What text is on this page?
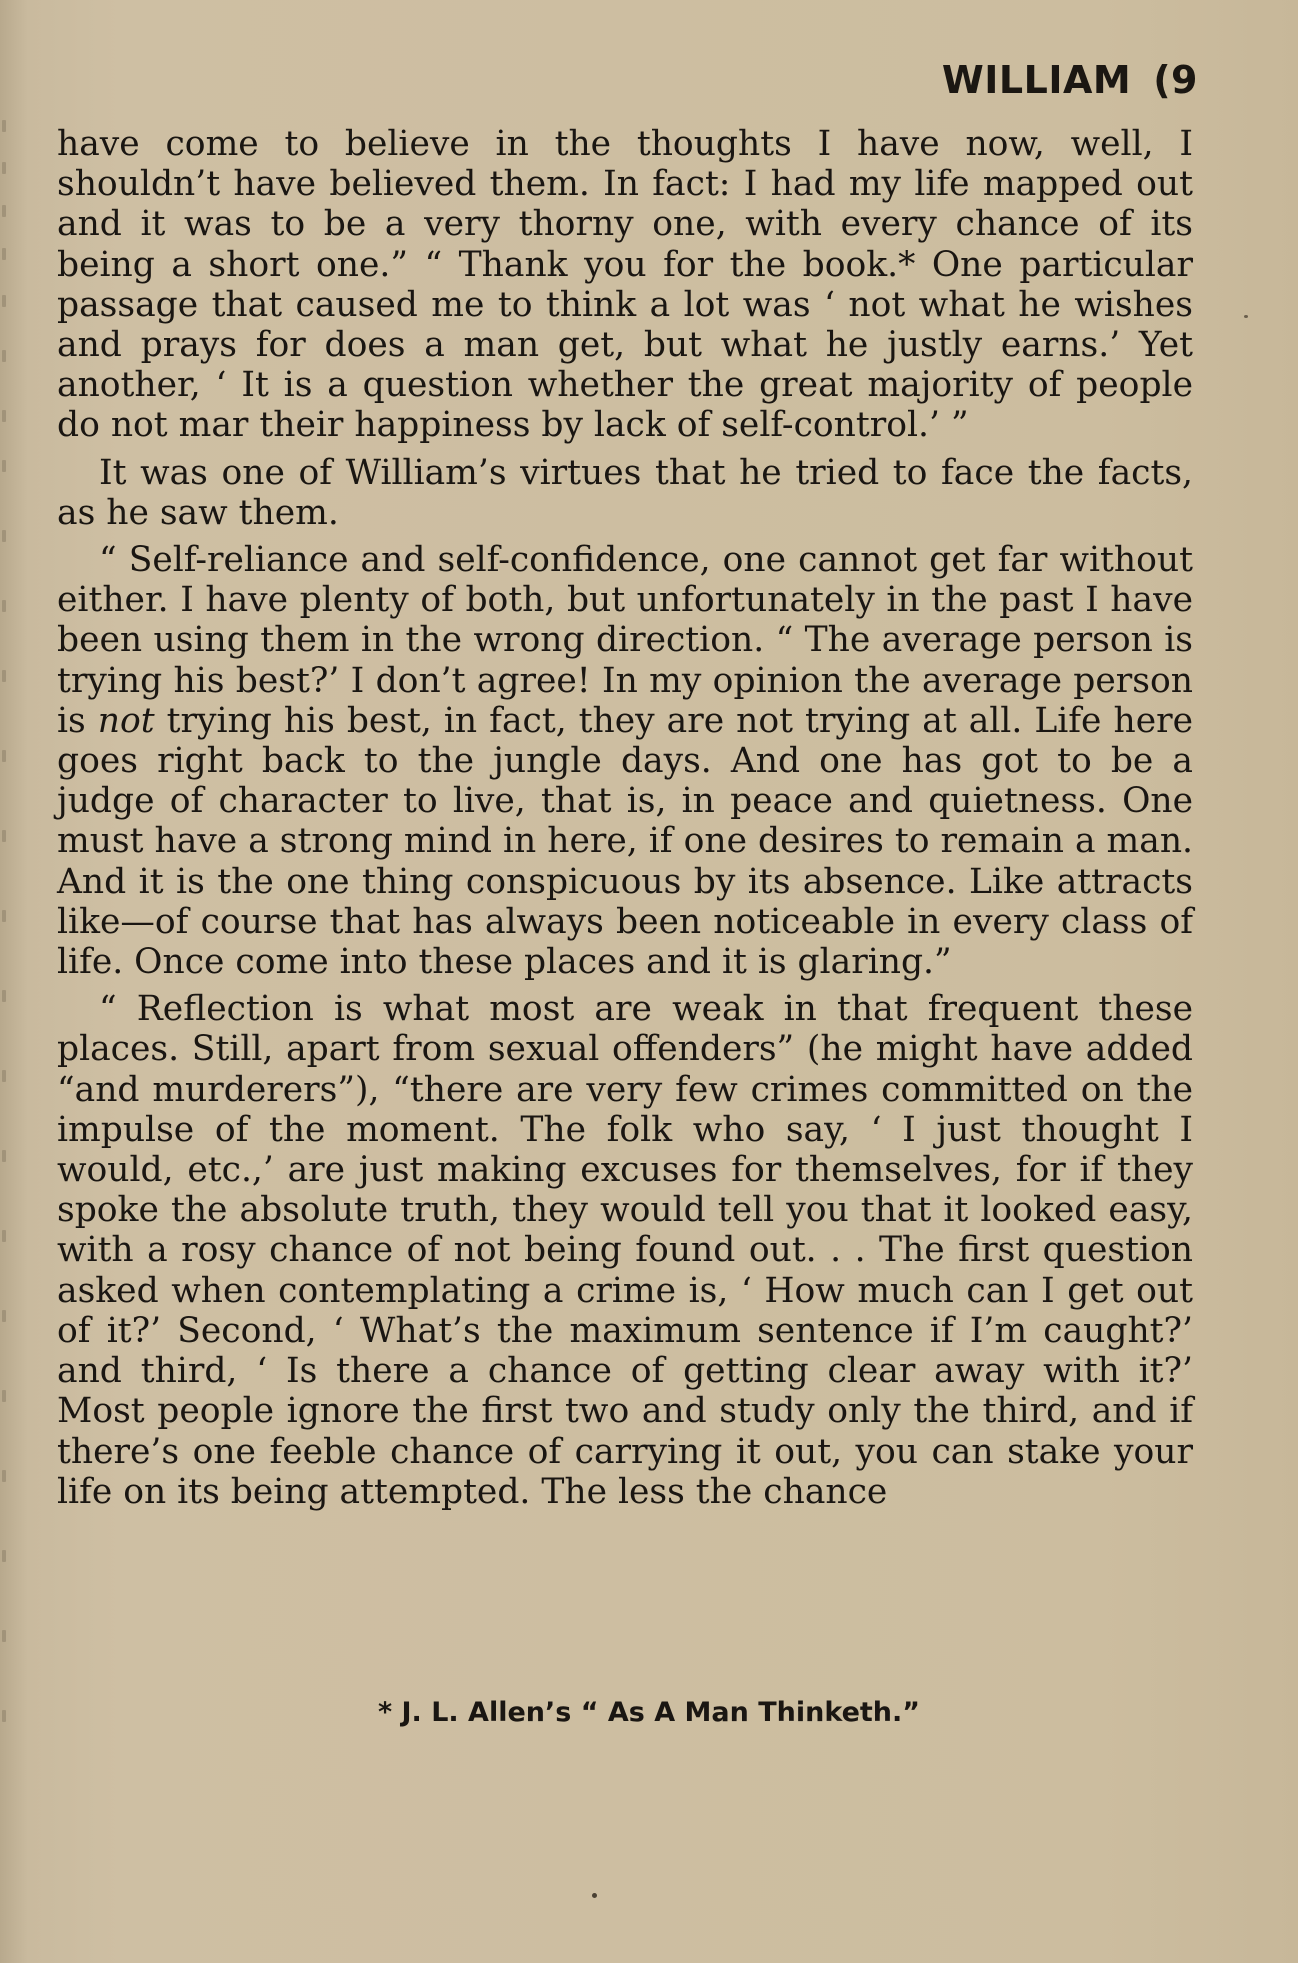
WILLIAM (9

have come to believe in the thoughts I have now, well, I shouldn’t have believed them. In fact: I had my life mapped out and it was to be a very thorny one, with every chance of its being a short one.” “ Thank you for the book.* One particular passage that caused me to think a lot was ‘ not what he wishes and prays for does a man get, but what he justly earns.’ Yet another, ‘ It is a question whether the great majority of people do not mar their happiness by lack of self-control.’ ”

It was one of William’s virtues that he tried to face the facts, as he saw them.

“ Self-reliance and self-confidence, one cannot get far without either. I have plenty of both, but unfortunately in the past I have been using them in the wrong direction. “ The average person is trying his best?’ I don’t agree! In my opinion the average person is not trying his best, in fact, they are not trying at all. Life here goes right back to the jungle days. And one has got to be a judge of character to live, that is, in peace and quietness. One must have a strong mind in here, if one desires to remain a man. And it is the one thing conspicuous by its absence. Like attracts like—of course that has always been noticeable in every class of life. Once come into these places and it is glaring.”

“ Reflection is what most are weak in that frequent these places. Still, apart from sexual offenders” (he might have added “and murderers”), “there are very few crimes committed on the impulse of the moment. The folk who say, ‘ I just thought I would, etc.,’ are just making excuses for themselves, for if they spoke the absolute truth, they would tell you that it looked easy, with a rosy chance of not being found out. . . The first question asked when contemplating a crime is, ‘ How much can I get out of it?’ Second, ‘ What’s the maximum sentence if I’m caught?’ and third, ‘ Is there a chance of getting clear away with it?’ Most people ignore the first two and study only the third, and if there’s one feeble chance of carrying it out, you can stake your life on its being attempted. The less the chance

* J. L. Allen’s “ As A Man Thinketh.”
